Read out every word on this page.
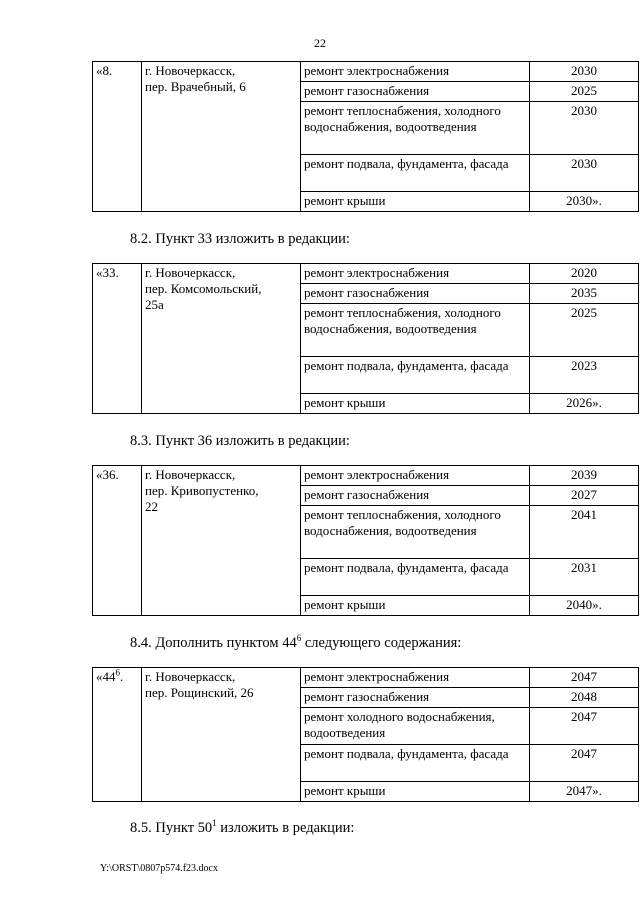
22
«8.	г. Новочеркасск,
пер. Врачебный, 6	ремонт электроснабжения	2030
		ремонт газоснабжения	2025
		ремонт теплоснабжения, холодного водоснабжения, водоотведения	2030
		ремонт подвала, фундамента, фасада	2030
		ремонт крыши	2030».
8.2. Пункт 33 изложить в редакции:
«33.	г. Новочеркасск,
пер. Комсомольский,
25а	ремонт электроснабжения	2020
		ремонт газоснабжения	2035
		ремонт теплоснабжения, холодного водоснабжения, водоотведения	2025
		ремонт подвала, фундамента, фасада	2023
		ремонт крыши	2026».
8.3. Пункт 36 изложить в редакции:
«36.	г. Новочеркасск,
пер. Кривопустенко,
22	ремонт электроснабжения	2039
		ремонт газоснабжения	2027
		ремонт теплоснабжения, холодного водоснабжения, водоотведения	2041
		ремонт подвала, фундамента, фасада	2031
		ремонт крыши	2040».
8.4. Дополнить пунктом $44^6$ следующего содержания:
«$44^6$.	г. Новочеркасск,
пер. Рощинский, 26	ремонт электроснабжения	2047
		ремонт газоснабжения	2048
		ремонт холодного водоснабжения, водоотведения	2047
		ремонт подвала, фундамента, фасада	2047
		ремонт крыши	2047».
8.5. Пункт $50^1$ изложить в редакции:
Y:\ORST\0807p574.f23.docx
